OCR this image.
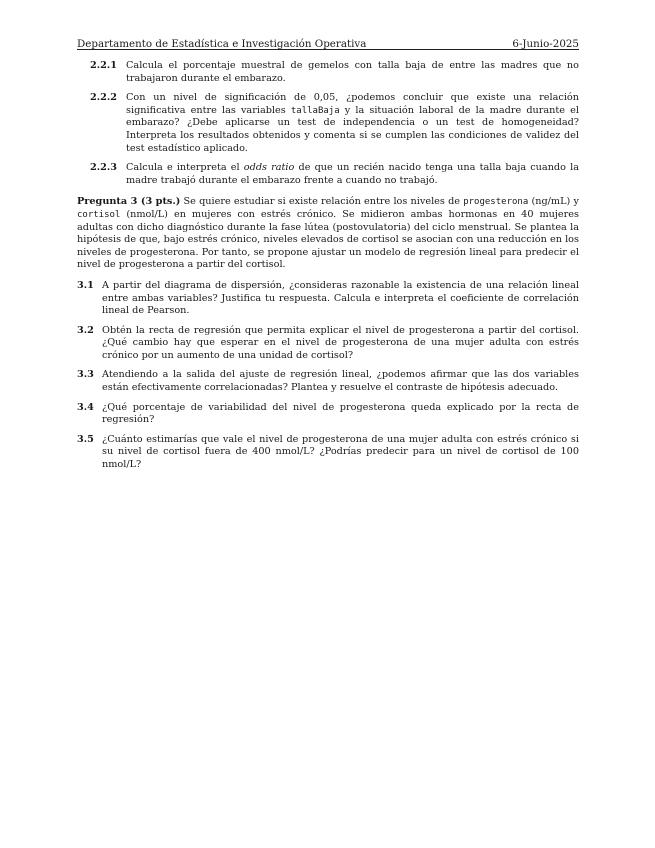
Departamento de Estadística e Investigación Operativa	6-Junio-2025
2.2.1 Calcula el porcentaje muestral de gemelos con talla baja de entre las madres que no trabajaron durante el embarazo.
2.2.2 Con un nivel de significación de 0,05, ¿podemos concluir que existe una relación significativa entre las variables tallaBaja y la situación laboral de la madre durante el embarazo? ¿Debe aplicarse un test de independencia o un test de homogeneidad? Interpreta los resultados obtenidos y comenta si se cumplen las condiciones de validez del test estadístico aplicado.
2.2.3 Calcula e interpreta el odds ratio de que un recién nacido tenga una talla baja cuando la madre trabajó durante el embarazo frente a cuando no trabajó.
Pregunta 3 (3 pts.) Se quiere estudiar si existe relación entre los niveles de progesterona (ng/mL) y cortisol (nmol/L) en mujeres con estrés crónico. Se midieron ambas hormonas en 40 mujeres adultas con dicho diagnóstico durante la fase lútea (postovulatoria) del ciclo menstrual. Se plantea la hipótesis de que, bajo estrés crónico, niveles elevados de cortisol se asocian con una reducción en los niveles de progesterona. Por tanto, se propone ajustar un modelo de regresión lineal para predecir el nivel de progesterona a partir del cortisol.
3.1 A partir del diagrama de dispersión, ¿consideras razonable la existencia de una relación lineal entre ambas variables? Justifica tu respuesta. Calcula e interpreta el coeficiente de correlación lineal de Pearson.
3.2 Obtén la recta de regresión que permita explicar el nivel de progesterona a partir del cortisol. ¿Qué cambio hay que esperar en el nivel de progesterona de una mujer adulta con estrés crónico por un aumento de una unidad de cortisol?
3.3 Atendiendo a la salida del ajuste de regresión lineal, ¿podemos afirmar que las dos variables están efectivamente correlacionadas? Plantea y resuelve el contraste de hipótesis adecuado.
3.4 ¿Qué porcentaje de variabilidad del nivel de progesterona queda explicado por la recta de regresión?
3.5 ¿Cuánto estimarías que vale el nivel de progesterona de una mujer adulta con estrés crónico si su nivel de cortisol fuera de 400 nmol/L? ¿Podrías predecir para un nivel de cortisol de 100 nmol/L?
